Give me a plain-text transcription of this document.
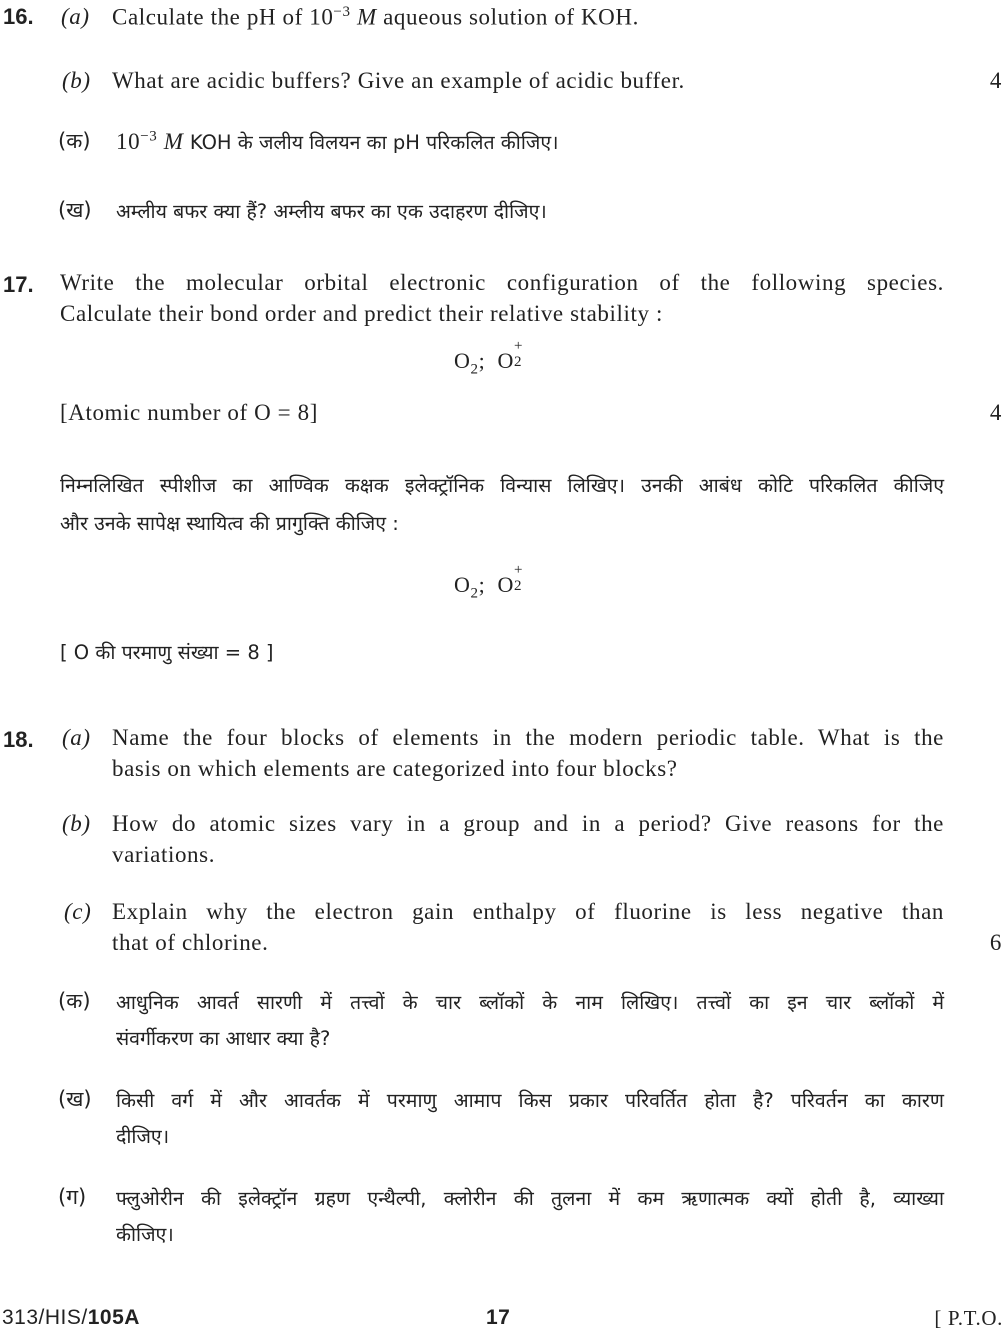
16. (a) Calculate the pH of $10^{-3}$ M aqueous solution of KOH.
(b) What are acidic buffers? Give an example of acidic buffer.	4
(क) $10^{-3}$ M KOH के जलीय विलयन का pH परिकलित कीजिए।
(ख) अम्लीय बफर क्या हैं? अम्लीय बफर का एक उदाहरण दीजिए।
17. Write the molecular orbital electronic configuration of the following species.
Calculate their bond order and predict their relative stability :
$O_2$; O
+
2
[Atomic number of O = 8]	4
निम्नलिखित स्पीशीज का आण्विक कक्षक इलेक्ट्रॉनिक विन्यास लिखिए। उनकी आबंध कोटि परिकलित कीजिए
और उनके सापेक्ष स्थायित्व की प्रागुक्ति कीजिए :
$O_2$; O
+
2
[ O की परमाणु संख्या = 8 ]
18. (a) Name the four blocks of elements in the modern periodic table. What is the
basis on which elements are categorized into four blocks?
(b) How do atomic sizes vary in a group and in a period? Give reasons for the
variations.
(c) Explain why the electron gain enthalpy of fluorine is less negative than
that of chlorine.	6
(क) आधुनिक आवर्त सारणी में तत्त्वों के चार ब्लॉकों के नाम लिखिए। तत्त्वों का इन चार ब्लॉकों में
संवर्गीकरण का आधार क्या है?
(ख) किसी वर्ग में और आवर्तक में परमाणु आमाप किस प्रकार परिवर्तित होता है? परिवर्तन का कारण
दीजिए।
(ग) फ्लुओरीन की इलेक्ट्रॉन ग्रहण एन्थैल्पी, क्लोरीन की तुलना में कम ऋणात्मक क्यों होती है, व्याख्या
कीजिए।
313/HIS/105A	17	[ P.T.O.
